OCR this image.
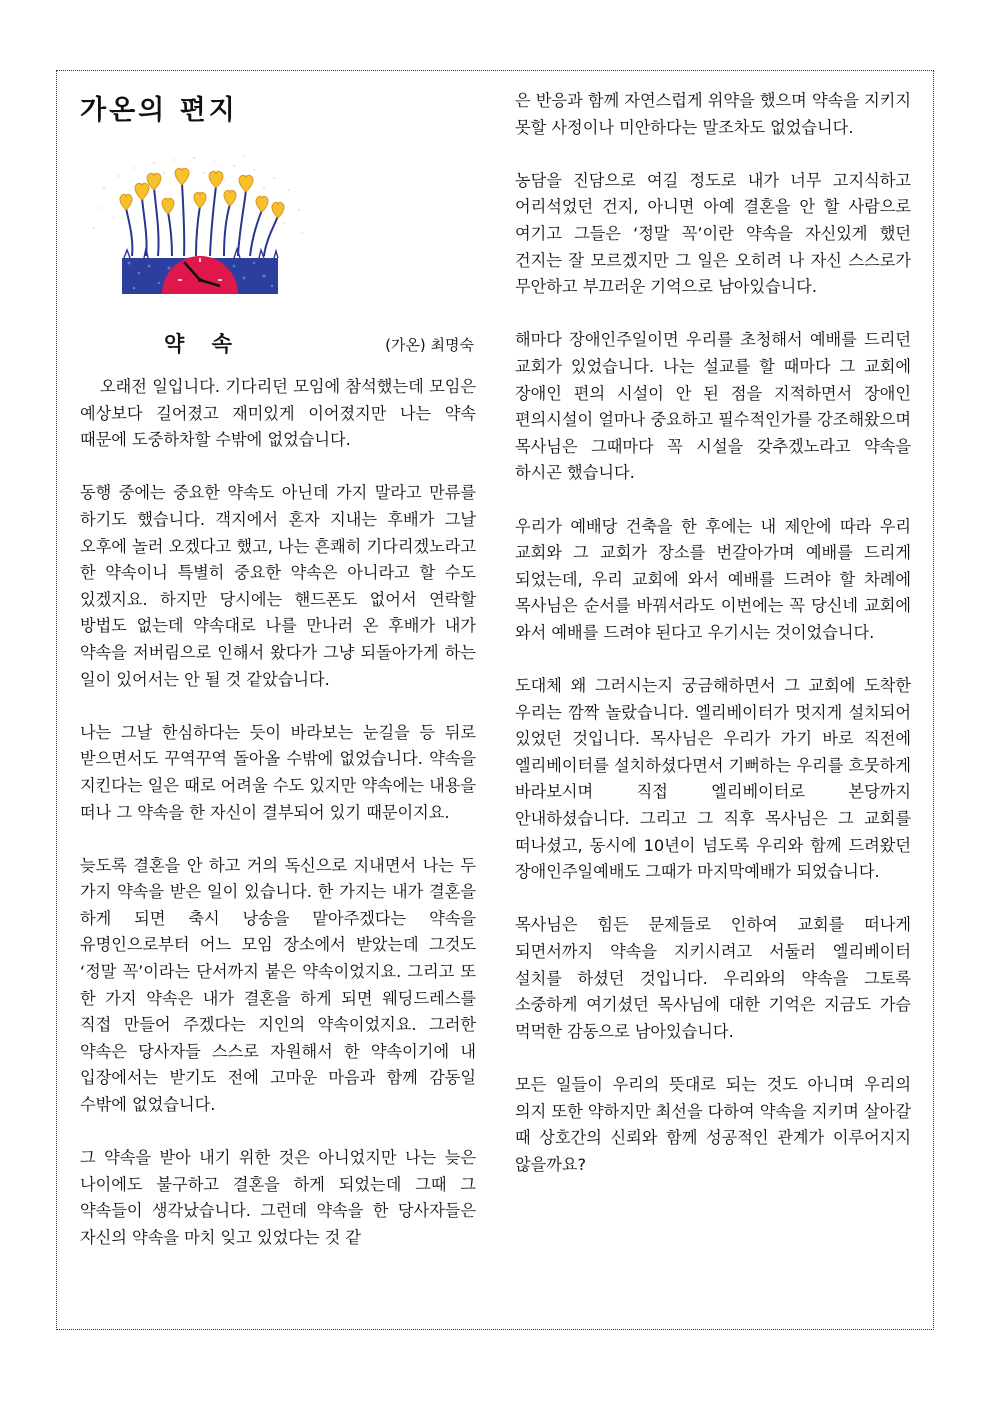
가온의 편지
약 속	(가온) 최명숙

오래전 일입니다. 기다리던 모임에 참석했는데 모임은 예상보다 길어졌고 재미있게 이어졌지만 나는 약속 때문에 도중하차할 수밖에 없었습니다.

동행 중에는 중요한 약속도 아닌데 가지 말라고 만류를 하기도 했습니다. 객지에서 혼자 지내는 후배가 그날 오후에 놀러 오겠다고 했고, 나는 흔쾌히 기다리겠노라고 한 약속이니 특별히 중요한 약속은 아니라고 할 수도 있겠지요. 하지만 당시에는 핸드폰도 없어서 연락할 방법도 없는데 약속대로 나를 만나러 온 후배가 내가 약속을 저버림으로 인해서 왔다가 그냥 되돌아가게 하는 일이 있어서는 안 될 것 같았습니다.

나는 그날 한심하다는 듯이 바라보는 눈길을 등 뒤로 받으면서도 꾸역꾸역 돌아올 수밖에 없었습니다. 약속을 지킨다는 일은 때로 어려울 수도 있지만 약속에는 내용을 떠나 그 약속을 한 자신이 결부되어 있기 때문이지요.

늦도록 결혼을 안 하고 거의 독신으로 지내면서 나는 두 가지 약속을 받은 일이 있습니다. 한 가지는 내가 결혼을 하게 되면 축시 낭송을 맡아주겠다는 약속을 유명인으로부터 어느 모임 장소에서 받았는데 그것도 ‘정말 꼭’이라는 단서까지 붙은 약속이었지요. 그리고 또 한 가지 약속은 내가 결혼을 하게 되면 웨딩드레스를 직접 만들어 주겠다는 지인의 약속이었지요. 그러한 약속은 당사자들 스스로 자원해서 한 약속이기에 내 입장에서는 받기도 전에 고마운 마음과 함께 감동일 수밖에 없었습니다.

그 약속을 받아 내기 위한 것은 아니었지만 나는 늦은 나이에도 불구하고 결혼을 하게 되었는데 그때 그 약속들이 생각났습니다. 그런데 약속을 한 당사자들은 자신의 약속을 마치 잊고 있었다는 것 같

은 반응과 함께 자연스럽게 위약을 했으며 약속을 지키지 못할 사정이나 미안하다는 말조차도 없었습니다.

농담을 진담으로 여길 정도로 내가 너무 고지식하고 어리석었던 건지, 아니면 아예 결혼을 안 할 사람으로 여기고 그들은 ‘정말 꼭’이란 약속을 자신있게 했던 건지는 잘 모르겠지만 그 일은 오히려 나 자신 스스로가 무안하고 부끄러운 기억으로 남아있습니다.

해마다 장애인주일이면 우리를 초청해서 예배를 드리던 교회가 있었습니다. 나는 설교를 할 때마다 그 교회에 장애인 편의 시설이 안 된 점을 지적하면서 장애인 편의시설이 얼마나 중요하고 필수적인가를 강조해왔으며 목사님은 그때마다 꼭 시설을 갖추겠노라고 약속을 하시곤 했습니다.

우리가 예배당 건축을 한 후에는 내 제안에 따라 우리 교회와 그 교회가 장소를 번갈아가며 예배를 드리게 되었는데, 우리 교회에 와서 예배를 드려야 할 차례에 목사님은 순서를 바꿔서라도 이번에는 꼭 당신네 교회에 와서 예배를 드려야 된다고 우기시는 것이었습니다.

도대체 왜 그러시는지 궁금해하면서 그 교회에 도착한 우리는 깜짝 놀랐습니다. 엘리베이터가 멋지게 설치되어 있었던 것입니다. 목사님은 우리가 가기 바로 직전에 엘리베이터를 설치하셨다면서 기뻐하는 우리를 흐뭇하게 바라보시며 직접 엘리베이터로 본당까지 안내하셨습니다. 그리고 그 직후 목사님은 그 교회를 떠나셨고, 동시에 10년이 넘도록 우리와 함께 드려왔던 장애인주일예배도 그때가 마지막예배가 되었습니다.

목사님은 힘든 문제들로 인하여 교회를 떠나게 되면서까지 약속을 지키시려고 서둘러 엘리베이터 설치를 하셨던 것입니다. 우리와의 약속을 그토록 소중하게 여기셨던 목사님에 대한 기억은 지금도 가슴 먹먹한 감동으로 남아있습니다.

모든 일들이 우리의 뜻대로 되는 것도 아니며 우리의 의지 또한 약하지만 최선을 다하여 약속을 지키며 살아갈 때 상호간의 신뢰와 함께 성공적인 관계가 이루어지지 않을까요?
